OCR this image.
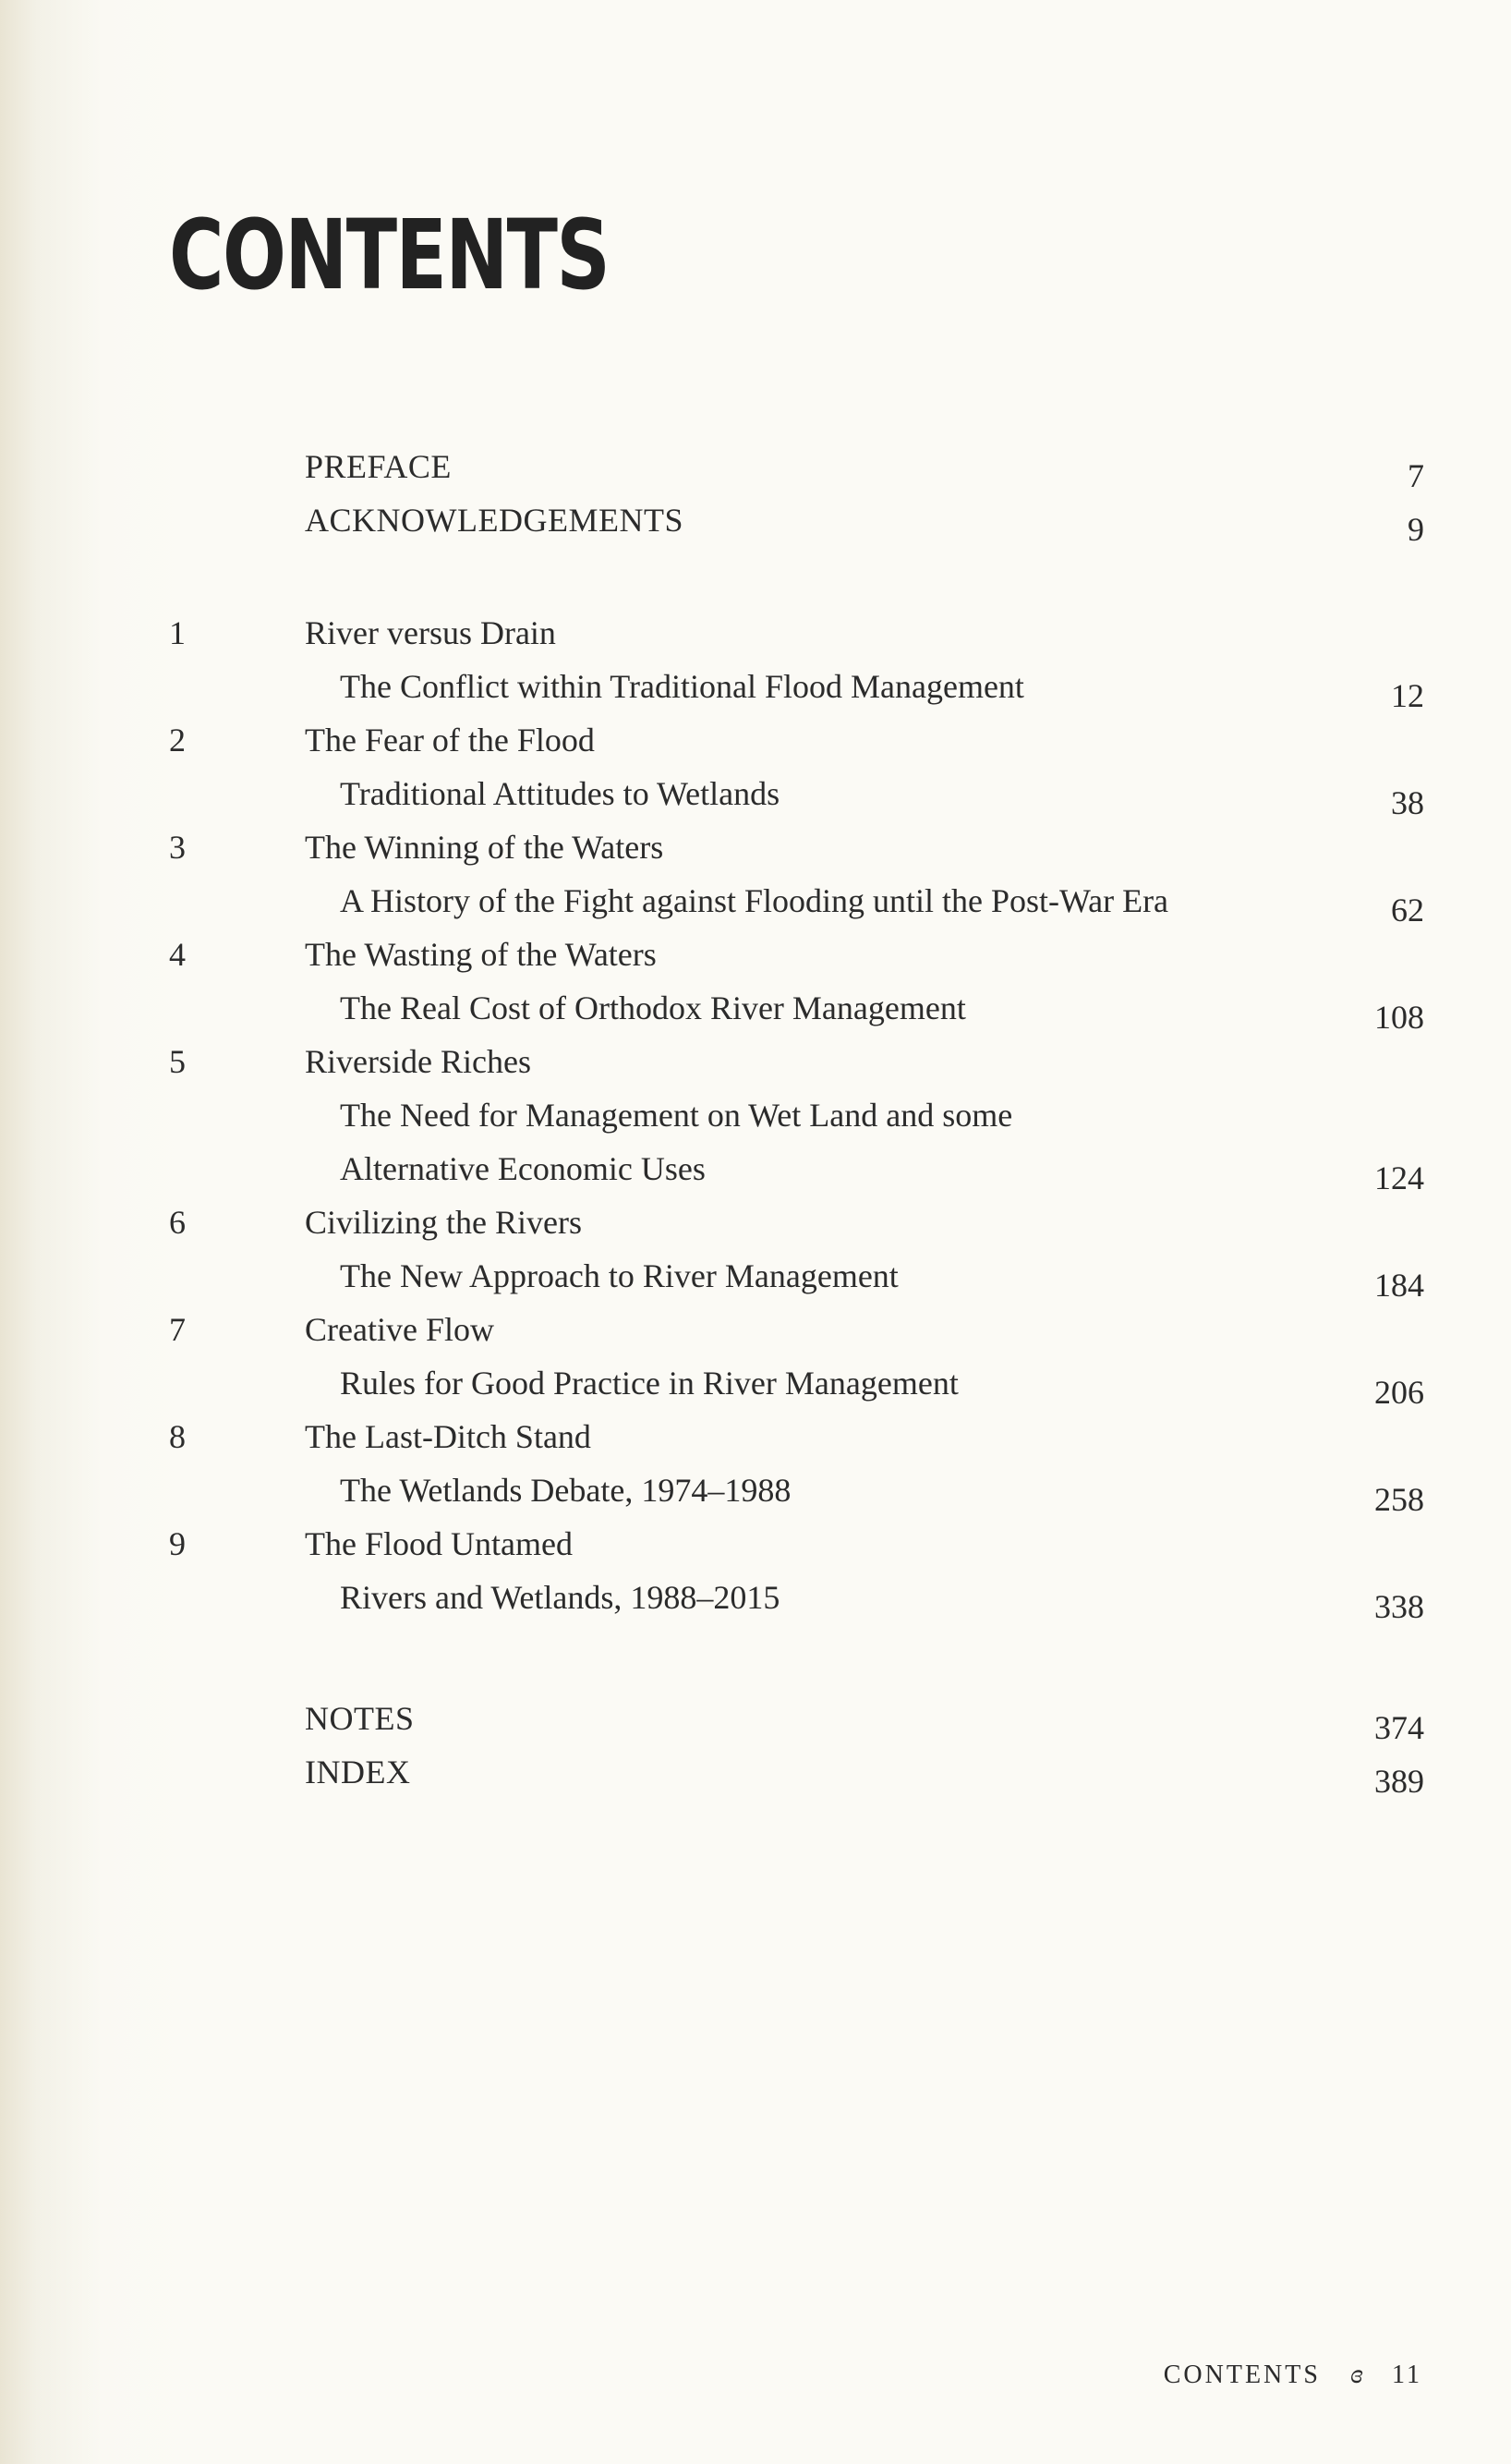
CONTENTS
PREFACE	7
ACKNOWLEDGEMENTS	9
1	River versus Drain
The Conflict within Traditional Flood Management	12
2	The Fear of the Flood
Traditional Attitudes to Wetlands	38
3	The Winning of the Waters
A History of the Fight against Flooding until the Post-War Era	62
4	The Wasting of the Waters
The Real Cost of Orthodox River Management	108
5	Riverside Riches
The Need for Management on Wet Land and some
Alternative Economic Uses	124
6	Civilizing the Rivers
The New Approach to River Management	184
7	Creative Flow
Rules for Good Practice in River Management	206
8	The Last-Ditch Stand
The Wetlands Debate, 1974–1988	258
9	The Flood Untamed
Rivers and Wetlands, 1988–2015	338
NOTES	374
INDEX	389
CONTENTS ɞ 11
